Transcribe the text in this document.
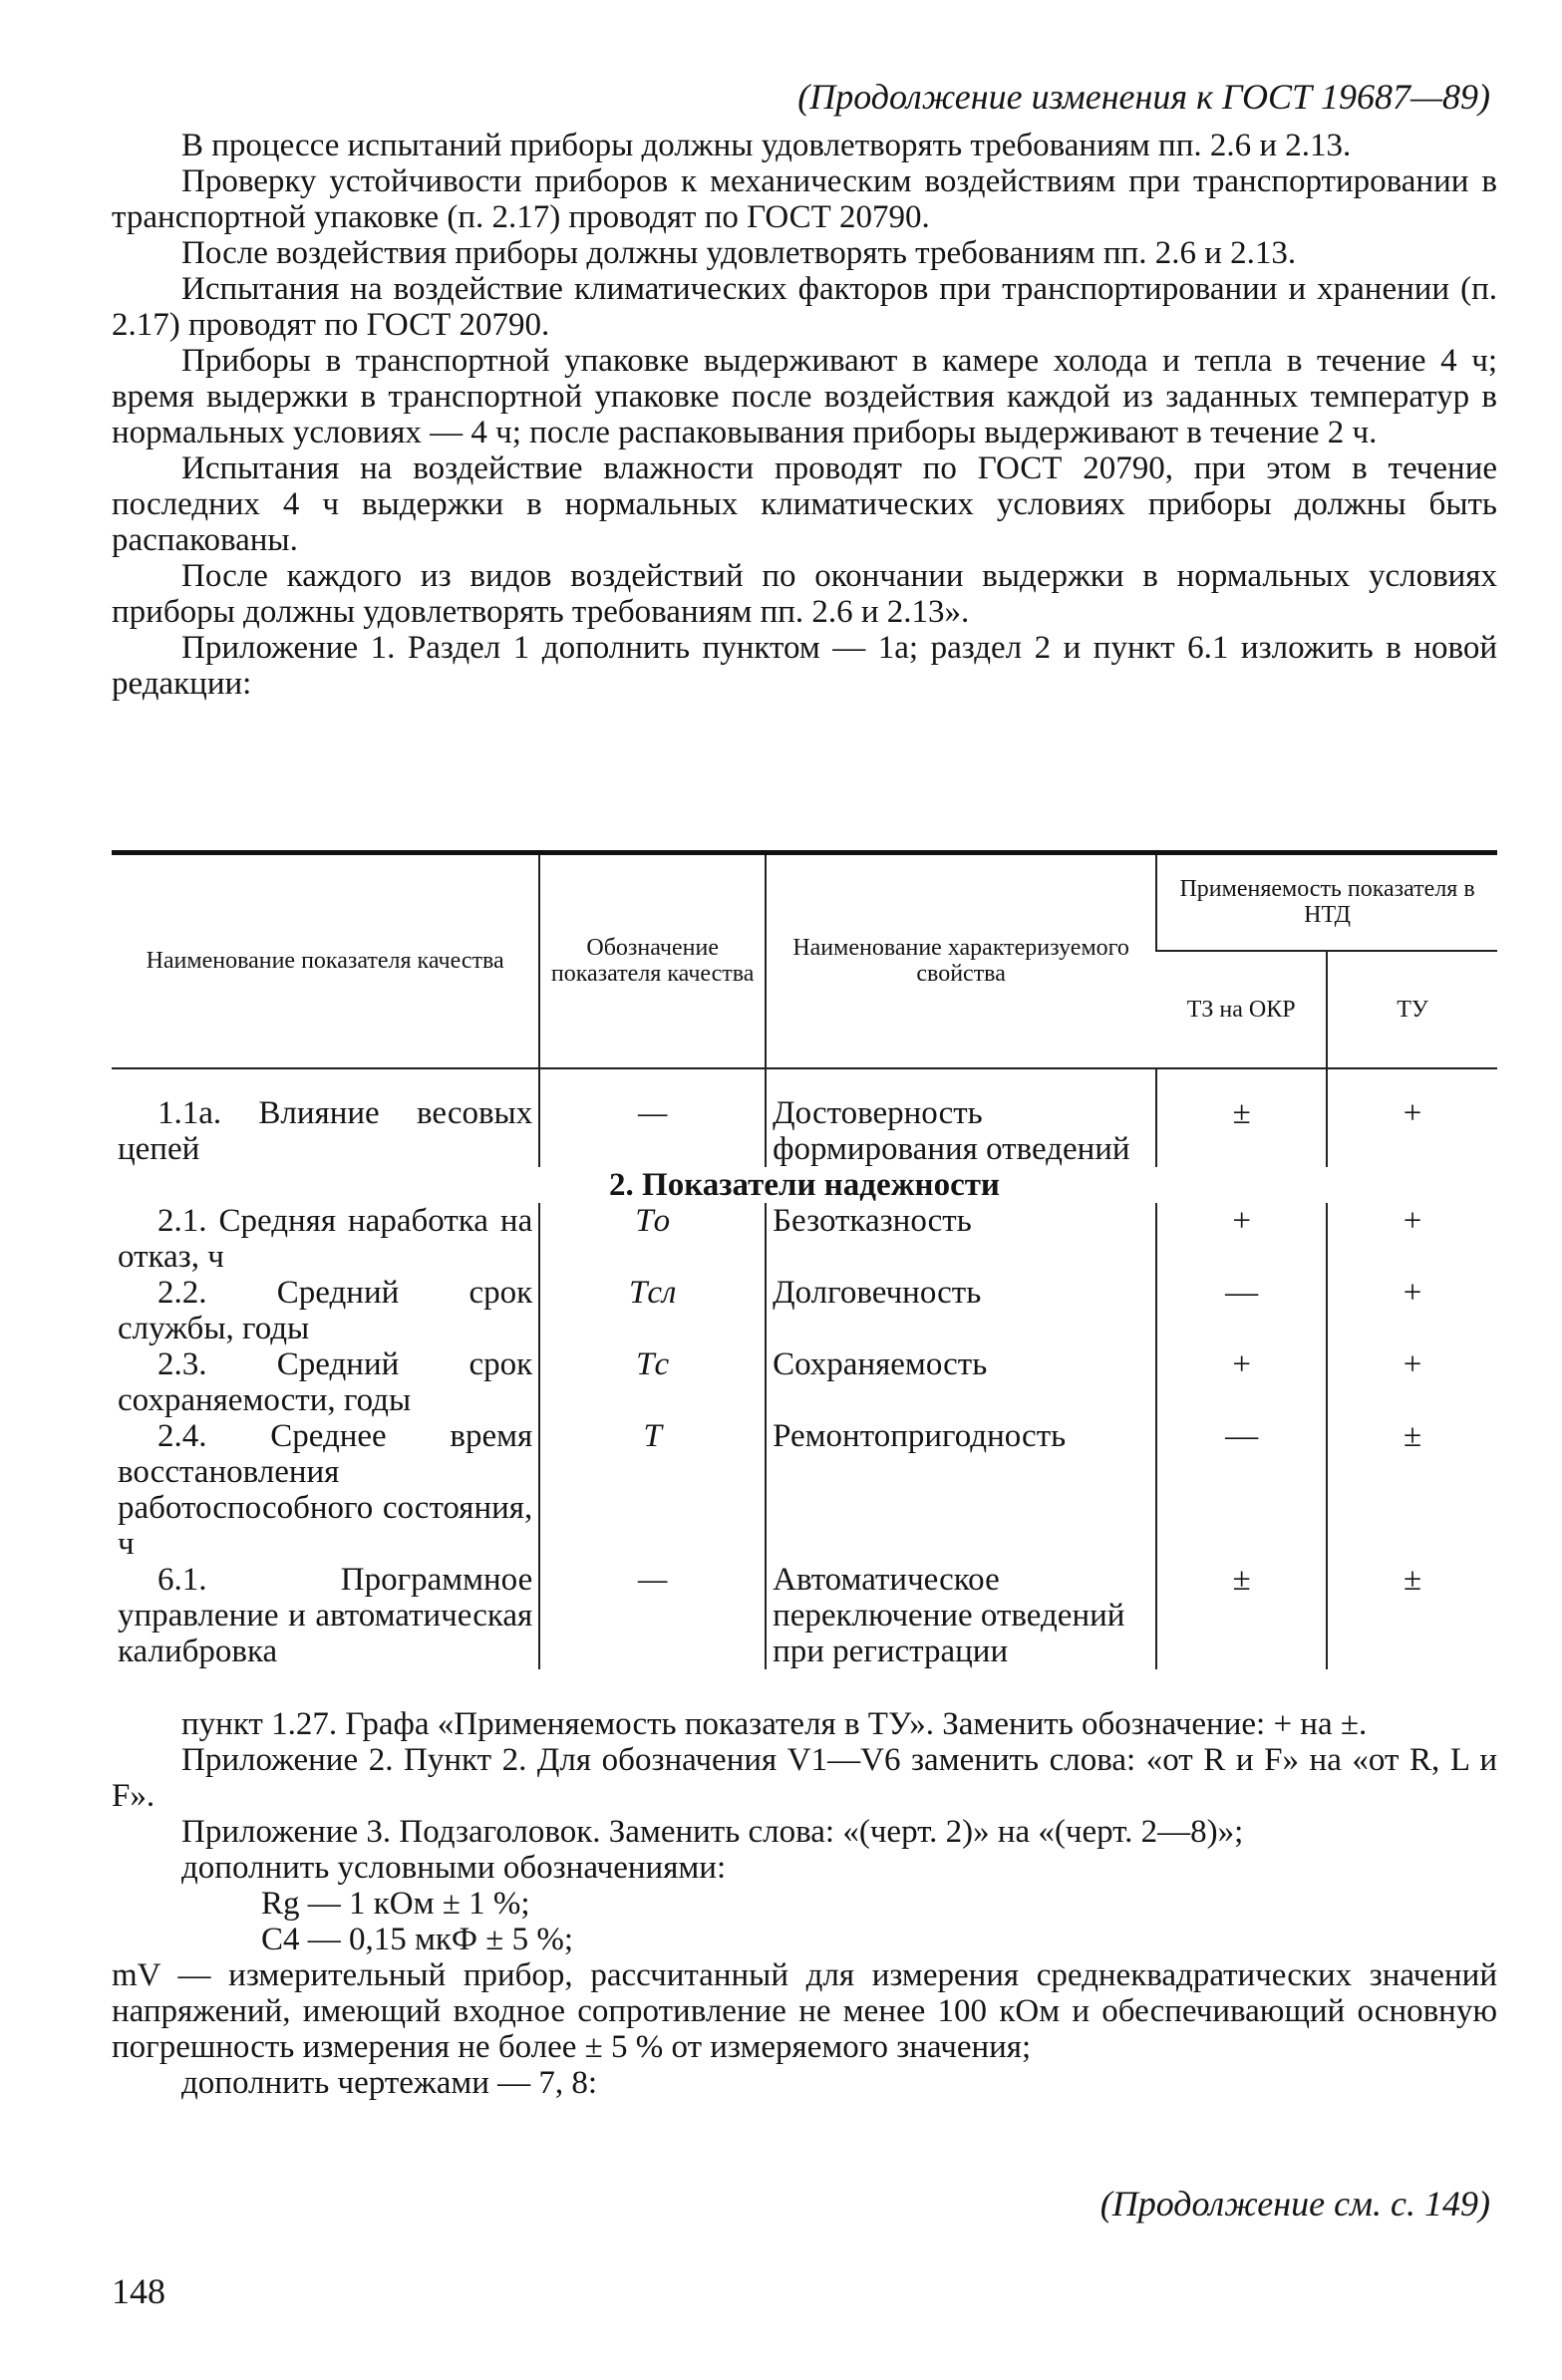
(Продолжение изменения к ГОСТ 19687—89)

В процессе испытаний приборы должны удовлетворять требованиям пп. 2.6 и 2.13.

Проверку устойчивости приборов к механическим воздействиям при транспортировании в транспортной упаковке (п. 2.17) проводят по ГОСТ 20790.

После воздействия приборы должны удовлетворять требованиям пп. 2.6 и 2.13.

Испытания на воздействие климатических факторов при транспортировании и хранении (п. 2.17) проводят по ГОСТ 20790.

Приборы в транспортной упаковке выдерживают в камере холода и тепла в течение 4 ч; время выдержки в транспортной упаковке после воздействия каждой из заданных температур в нормальных условиях — 4 ч; после распаковывания приборы выдерживают в течение 2 ч.

Испытания на воздействие влажности проводят по ГОСТ 20790, при этом в течение последних 4 ч выдержки в нормальных климатических условиях приборы должны быть распакованы.

После каждого из видов воздействий по окончании выдержки в нормальных условиях приборы должны удовлетворять требованиям пп. 2.6 и 2.13».

Приложение 1. Раздел 1 дополнить пунктом — 1а; раздел 2 и пункт 6.1 изложить в новой редакции:

Наименование показателя качества	Обозначение показателя качества	Наименование характеризуемого свойства	Применяемость показателя в НТД	
			ТЗ на ОКР	ТУ
1.1а. Влияние весовых цепей	—	Достоверность формирования отведений	±	+
2. Показатели надежности				
2.1. Средняя наработка на отказ, ч	Tо	Безотказность	+	+
2.2. Средний срок службы, годы	Tсл	Долговечность	—	+
2.3. Средний срок сохраняемости, годы	Tс	Сохраняемость	+	+
2.4. Среднее время восстановления работоспособного состояния, ч	T	Ремонтопригодность	—	±
6.1. Программное управление и автоматическая калибровка	—	Автоматическое переключение отведений при регистрации	±	±

пункт 1.27. Графа «Применяемость показателя в ТУ». Заменить обозначение: + на ±.

Приложение 2. Пункт 2. Для обозначения V1—V6 заменить слова: «от R и F» на «от R, L и F».

Приложение 3. Подзаголовок. Заменить слова: «(черт. 2)» на «(черт. 2—8)»;

дополнить условными обозначениями:

Rg — 1 кОм ± 1 %;

C4 — 0,15 мкФ ± 5 %;

mV — измерительный прибор, рассчитанный для измерения среднеквадратических значений напряжений, имеющий входное сопротивление не менее 100 кОм и обеспечивающий основную погрешность измерения не более ± 5 % от измеряемого значения;

дополнить чертежами — 7, 8:

(Продолжение см. с. 149)
148
